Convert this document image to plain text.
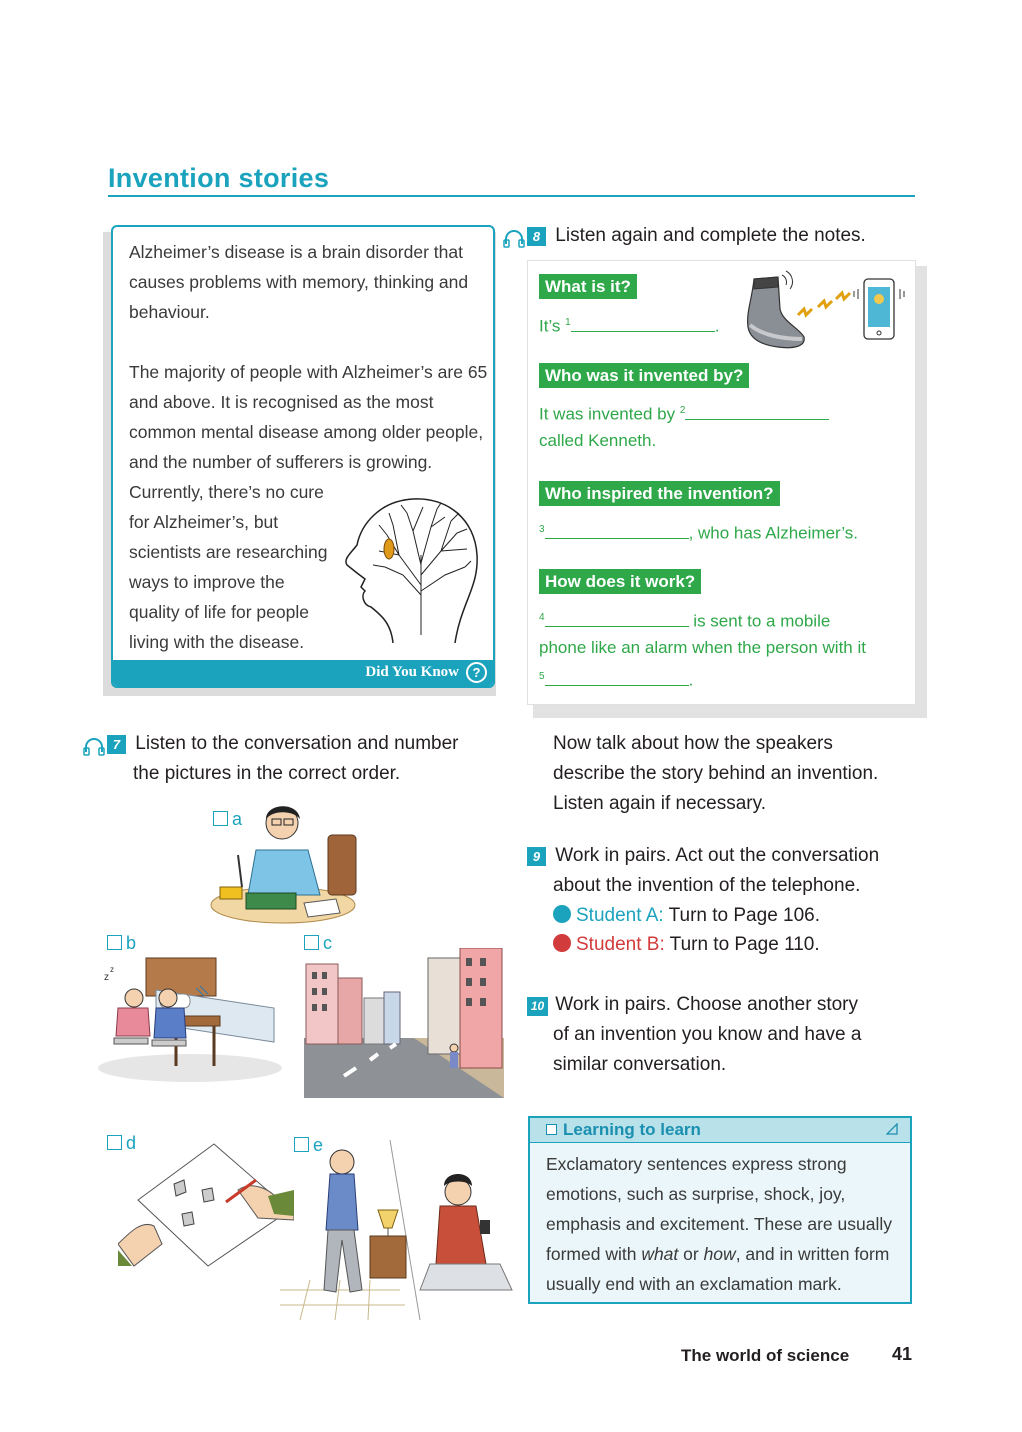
Invention stories

Alzheimer’s disease is a brain disorder that causes problems with memory, thinking and behaviour.

The majority of people with Alzheimer’s are 65 and above. It is recognised as the most common mental disease among older people, and the number of sufferers is growing.

Currently, there’s no cure for Alzheimer’s, but scientists are researching ways to improve the quality of life for people living with the disease.

Did You Know	?
8 Listen again and complete the notes.
What is it?
It’s $^1$	.
Who was it invented by?
It was invented by $^2$
called Kenneth.
Who inspired the invention?
$^3$	, who has Alzheimer’s.
How does it work?
$^4$	is sent to a mobile
phone like an alarm when the person with it
$^5$	.
7 Listen to the conversation and number
the pictures in the correct order.
a
b	c
d	e
z
z
Now talk about how the speakers
describe the story behind an invention.
Listen again if necessary.
9 Work in pairs. Act out the conversation
about the invention of the telephone.
Student A: Turn to Page 106.
Student B: Turn to Page 110.
10 Work in pairs. Choose another story
of an invention you know and have a
similar conversation.
Learning to learn
Exclamatory sentences express strong emotions, such as surprise, shock, joy, emphasis and excitement. These are usually formed with what or how, and in written form usually end with an exclamation mark.
The world of science 41
